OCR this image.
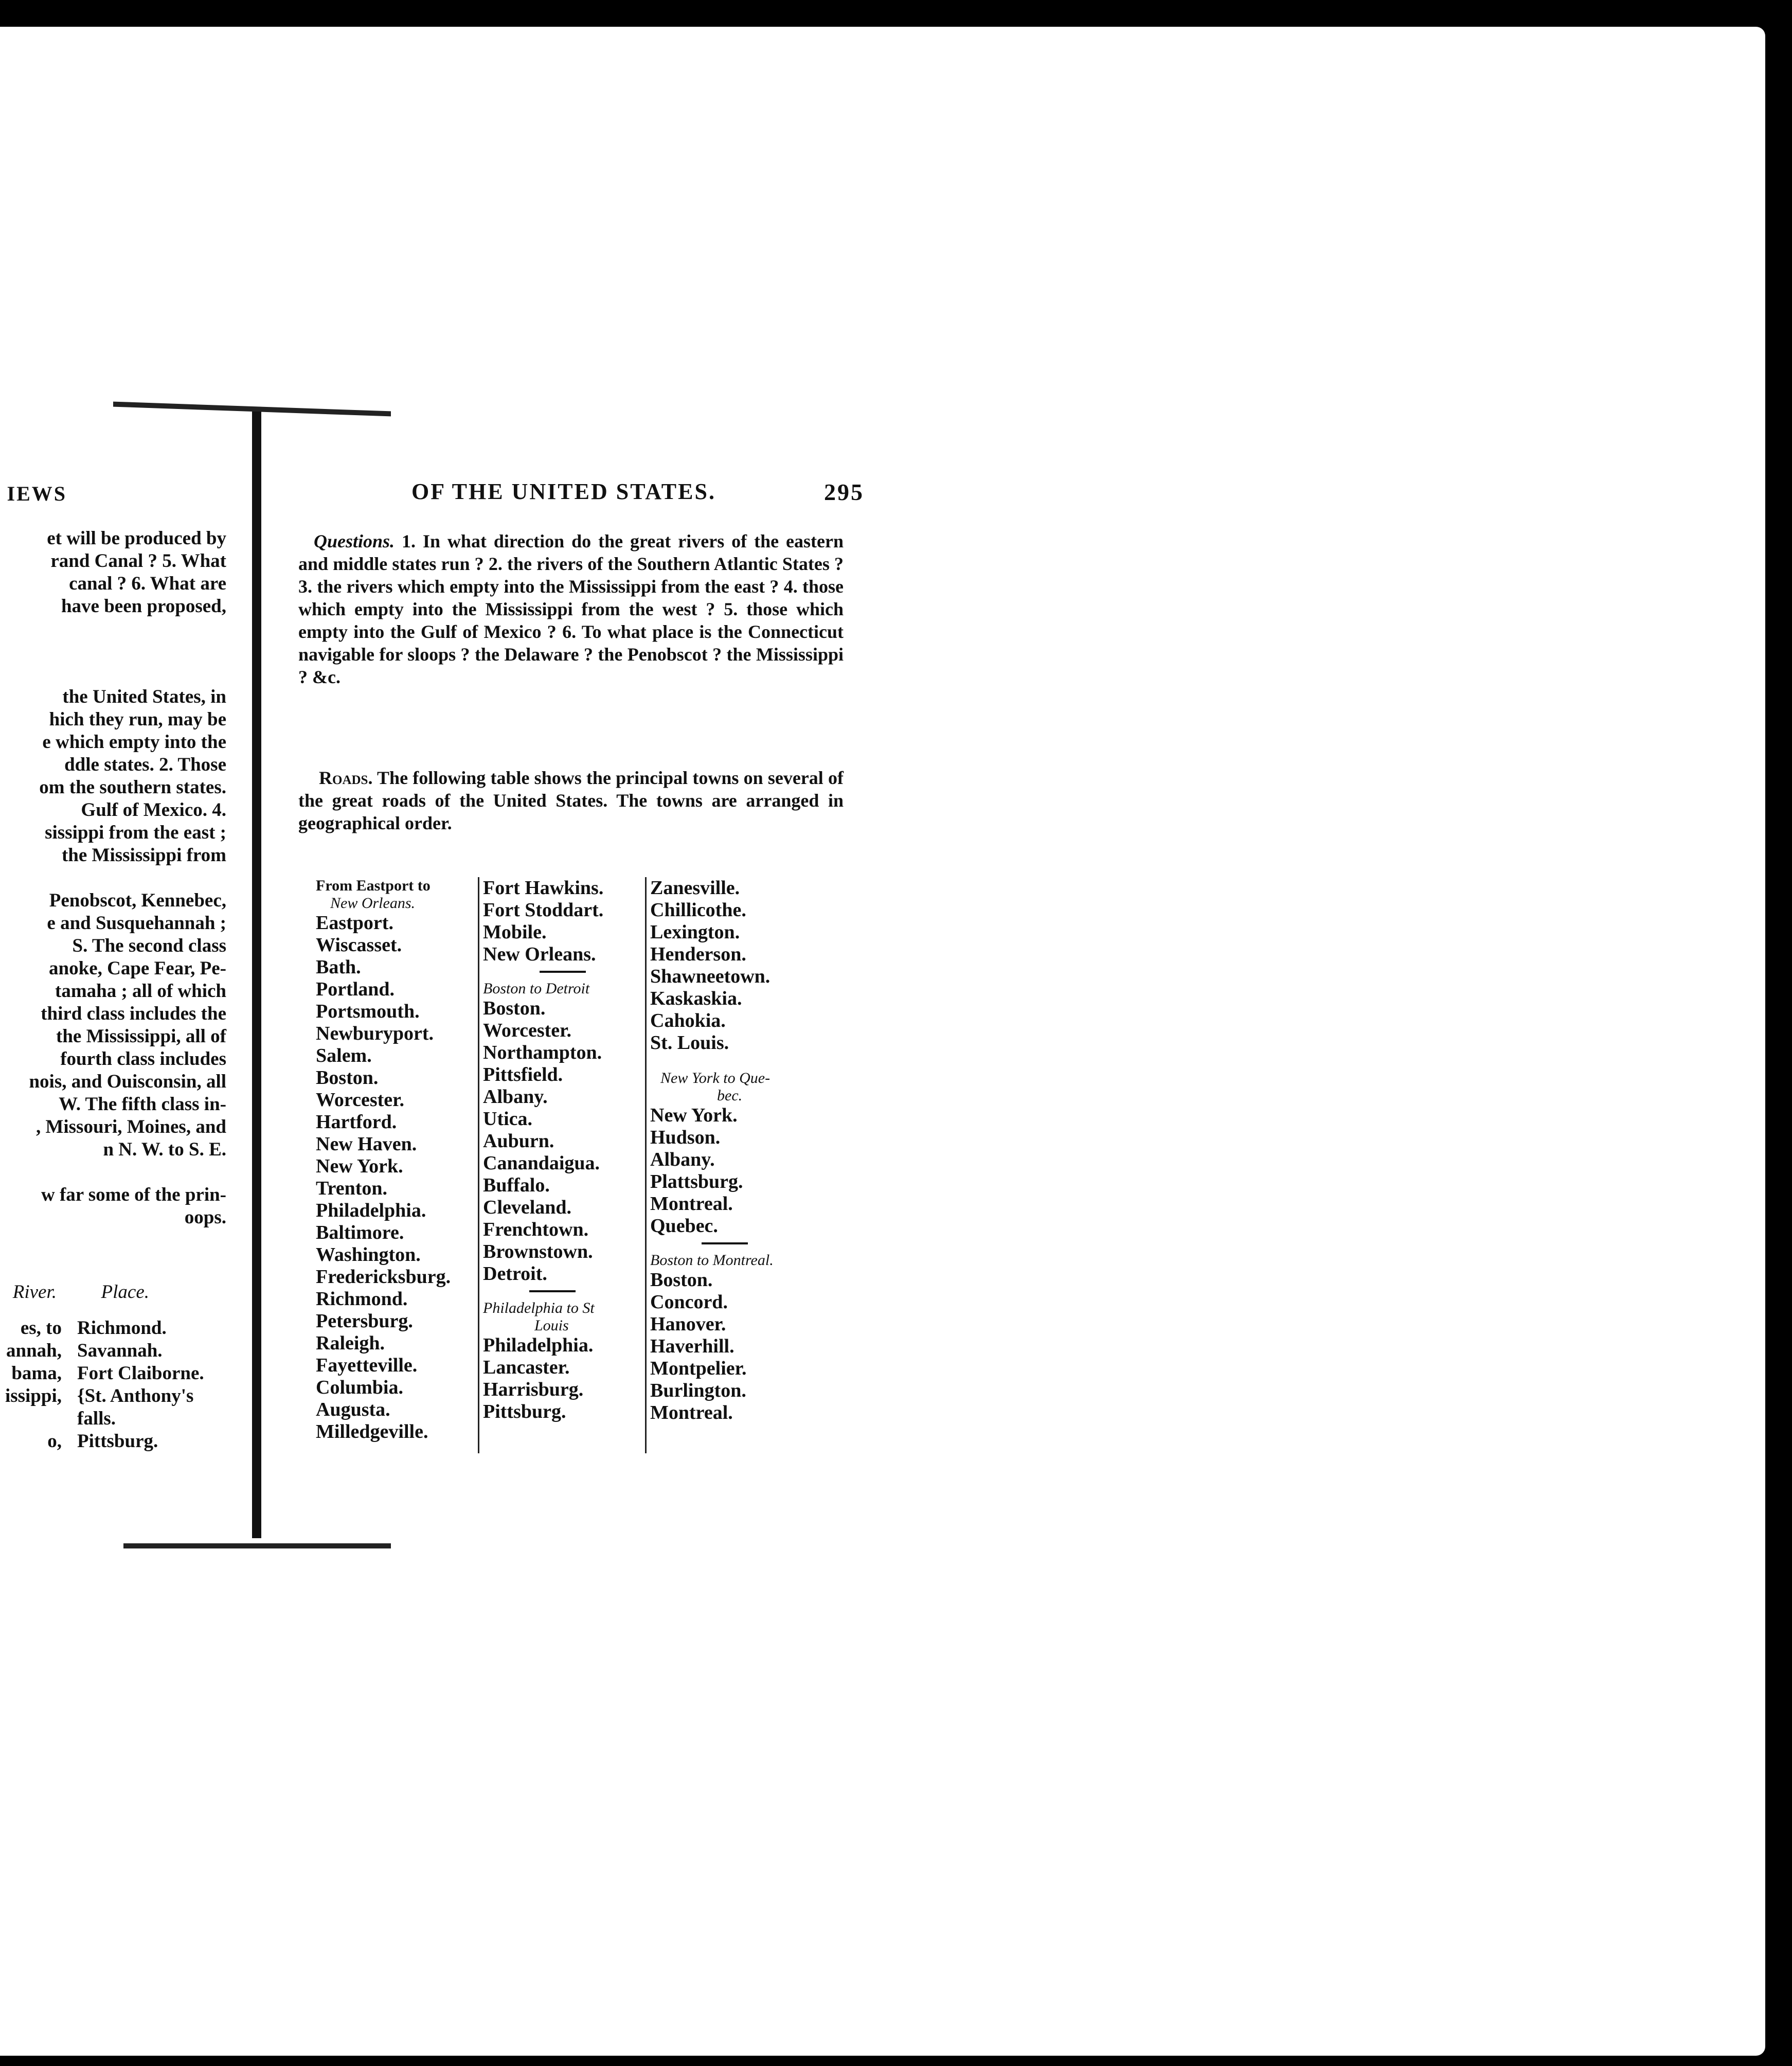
IEWS
et will be produced by
rand Canal ? 5. What
canal ? 6. What are
have been proposed,
the United States, in
hich they run, may be
e which empty into the
ddle states. 2. Those
om the southern states.
Gulf of Mexico. 4.
sissippi from the east ;
the Mississippi from
Penobscot, Kennebec,
e and Susquehannah ;
S. The second class
anoke, Cape Fear, Pe-
tamaha ; all of which
third class includes the
the Mississippi, all of
fourth class includes
nois, and Ouisconsin, all
W. The fifth class in-
, Missouri, Moines, and
n N. W. to S. E.
w far some of the prin-
oops.
River. Place.
es, to Richmond.
annah, Savannah.
bama, Fort Claiborne.
issippi, {St. Anthony's
falls.
o, Pittsburg.
OF THE UNITED STATES.	295
Questions. 1. In what direction do the great rivers of the eastern and middle states run ? 2. the rivers of the Southern Atlantic States ? 3. the rivers which empty into the Mississippi from the east ? 4. those which empty into the Mississippi from the west ? 5. those which empty into the Gulf of Mexico ? 6. To what place is the Connecticut navigable for sloops ? the Delaware ? the Penobscot ? the Mississippi ? &c.
Roads. The following table shows the principal towns on several of the great roads of the United States. The towns are arranged in geographical order.
From Eastport to
New Orleans.
Eastport.
Wiscasset.
Bath.
Portland.
Portsmouth.
Newburyport.
Salem.
Boston.
Worcester.
Hartford.
New Haven.
New York.
Trenton.
Philadelphia.
Baltimore.
Washington.
Fredericksburg.
Richmond.
Petersburg.
Raleigh.
Fayetteville.
Columbia.
Augusta.
Milledgeville.
Fort Hawkins.
Fort Stoddart.
Mobile.
New Orleans.
Boston to Detroit
Boston.
Worcester.
Northampton.
Pittsfield.
Albany.
Utica.
Auburn.
Canandaigua.
Buffalo.
Cleveland.
Frenchtown.
Brownstown.
Detroit.
Philadelphia to St
Louis
Philadelphia.
Lancaster.
Harrisburg.
Pittsburg.
Zanesville.
Chillicothe.
Lexington.
Henderson.
Shawneetown.
Kaskaskia.
Cahokia.
St. Louis.
New York to Que-
bec.
New York.
Hudson.
Albany.
Plattsburg.
Montreal.
Quebec.
Boston to Montreal.
Boston.
Concord.
Hanover.
Haverhill.
Montpelier.
Burlington.
Montreal.
